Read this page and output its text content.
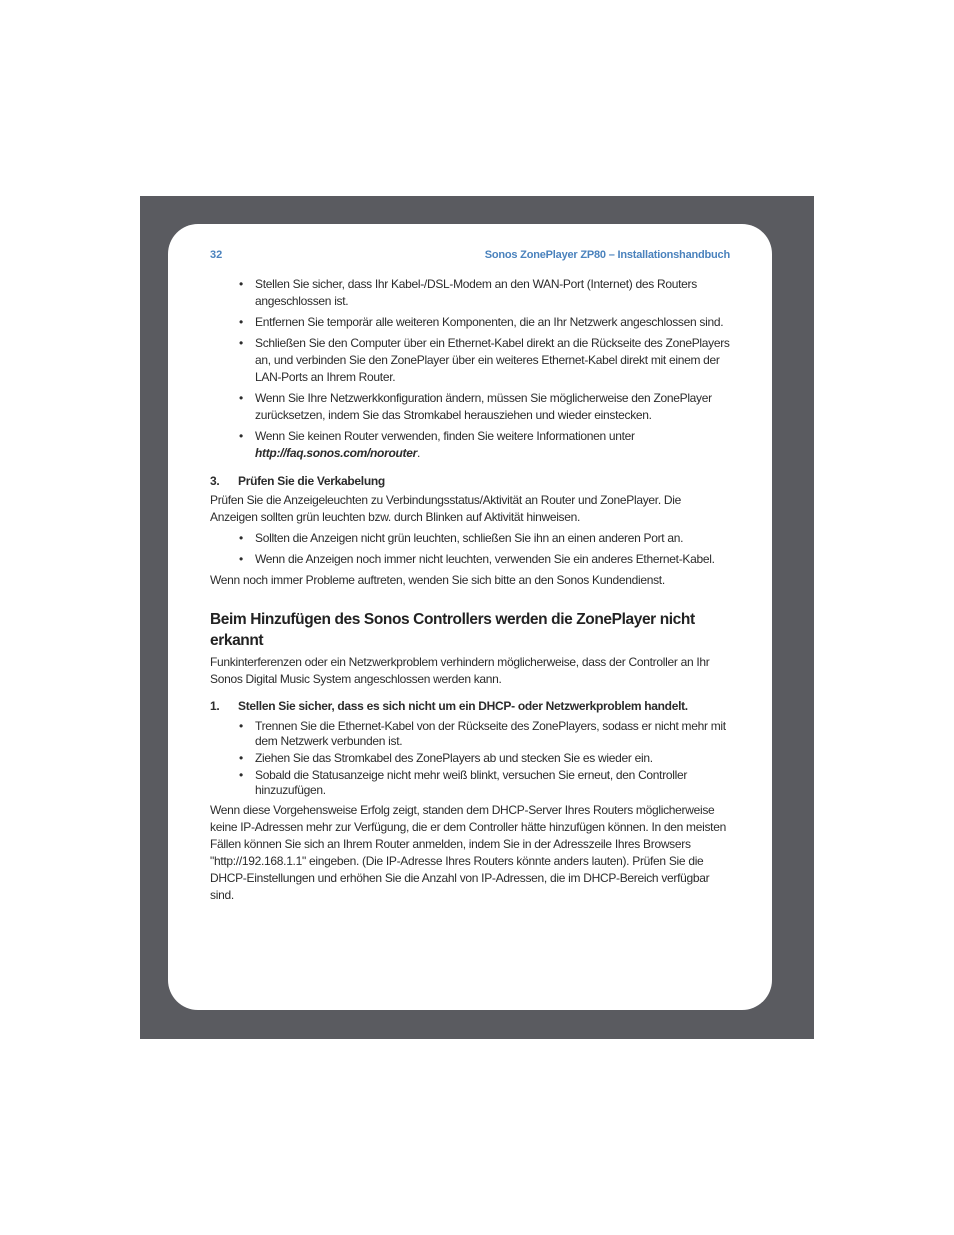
32	Sonos ZonePlayer ZP80 – Installationshandbuch
• Stellen Sie sicher, dass Ihr Kabel-/DSL-Modem an den WAN-Port (Internet) des Routers angeschlossen ist.
• Entfernen Sie temporär alle weiteren Komponenten, die an Ihr Netzwerk angeschlossen sind.
• Schließen Sie den Computer über ein Ethernet-Kabel direkt an die Rückseite des ZonePlayers an, und verbinden Sie den ZonePlayer über ein weiteres Ethernet-Kabel direkt mit einem der LAN-Ports an Ihrem Router.
• Wenn Sie Ihre Netzwerkkonfiguration ändern, müssen Sie möglicherweise den ZonePlayer zurücksetzen, indem Sie das Stromkabel herausziehen und wieder einstecken.
• Wenn Sie keinen Router verwenden, finden Sie weitere Informationen unter http://faq.sonos.com/norouter.
3. Prüfen Sie die Verkabelung

Prüfen Sie die Anzeigeleuchten zu Verbindungsstatus/Aktivität an Router und ZonePlayer. Die Anzeigen sollten grün leuchten bzw. durch Blinken auf Aktivität hinweisen.

• Sollten die Anzeigen nicht grün leuchten, schließen Sie ihn an einen anderen Port an.
• Wenn die Anzeigen noch immer nicht leuchten, verwenden Sie ein anderes Ethernet-Kabel.

Wenn noch immer Probleme auftreten, wenden Sie sich bitte an den Sonos Kundendienst.

Beim Hinzufügen des Sonos Controllers werden die ZonePlayer nicht erkannt

Funkinterferenzen oder ein Netzwerkproblem verhindern möglicherweise, dass der Controller an Ihr Sonos Digital Music System angeschlossen werden kann.

1. Stellen Sie sicher, dass es sich nicht um ein DHCP- oder Netzwerkproblem handelt.
• Trennen Sie die Ethernet-Kabel von der Rückseite des ZonePlayers, sodass er nicht mehr mit dem Netzwerk verbunden ist.
• Ziehen Sie das Stromkabel des ZonePlayers ab und stecken Sie es wieder ein.
• Sobald die Statusanzeige nicht mehr weiß blinkt, versuchen Sie erneut, den Controller hinzuzufügen.

Wenn diese Vorgehensweise Erfolg zeigt, standen dem DHCP-Server Ihres Routers möglicherweise keine IP-Adressen mehr zur Verfügung, die er dem Controller hätte hinzufügen können. In den meisten Fällen können Sie sich an Ihrem Router anmelden, indem Sie in der Adresszeile Ihres Browsers "http://192.168.1.1" eingeben. (Die IP-Adresse Ihres Routers könnte anders lauten). Prüfen Sie die DHCP-Einstellungen und erhöhen Sie die Anzahl von IP-Adressen, die im DHCP-Bereich verfügbar sind.
